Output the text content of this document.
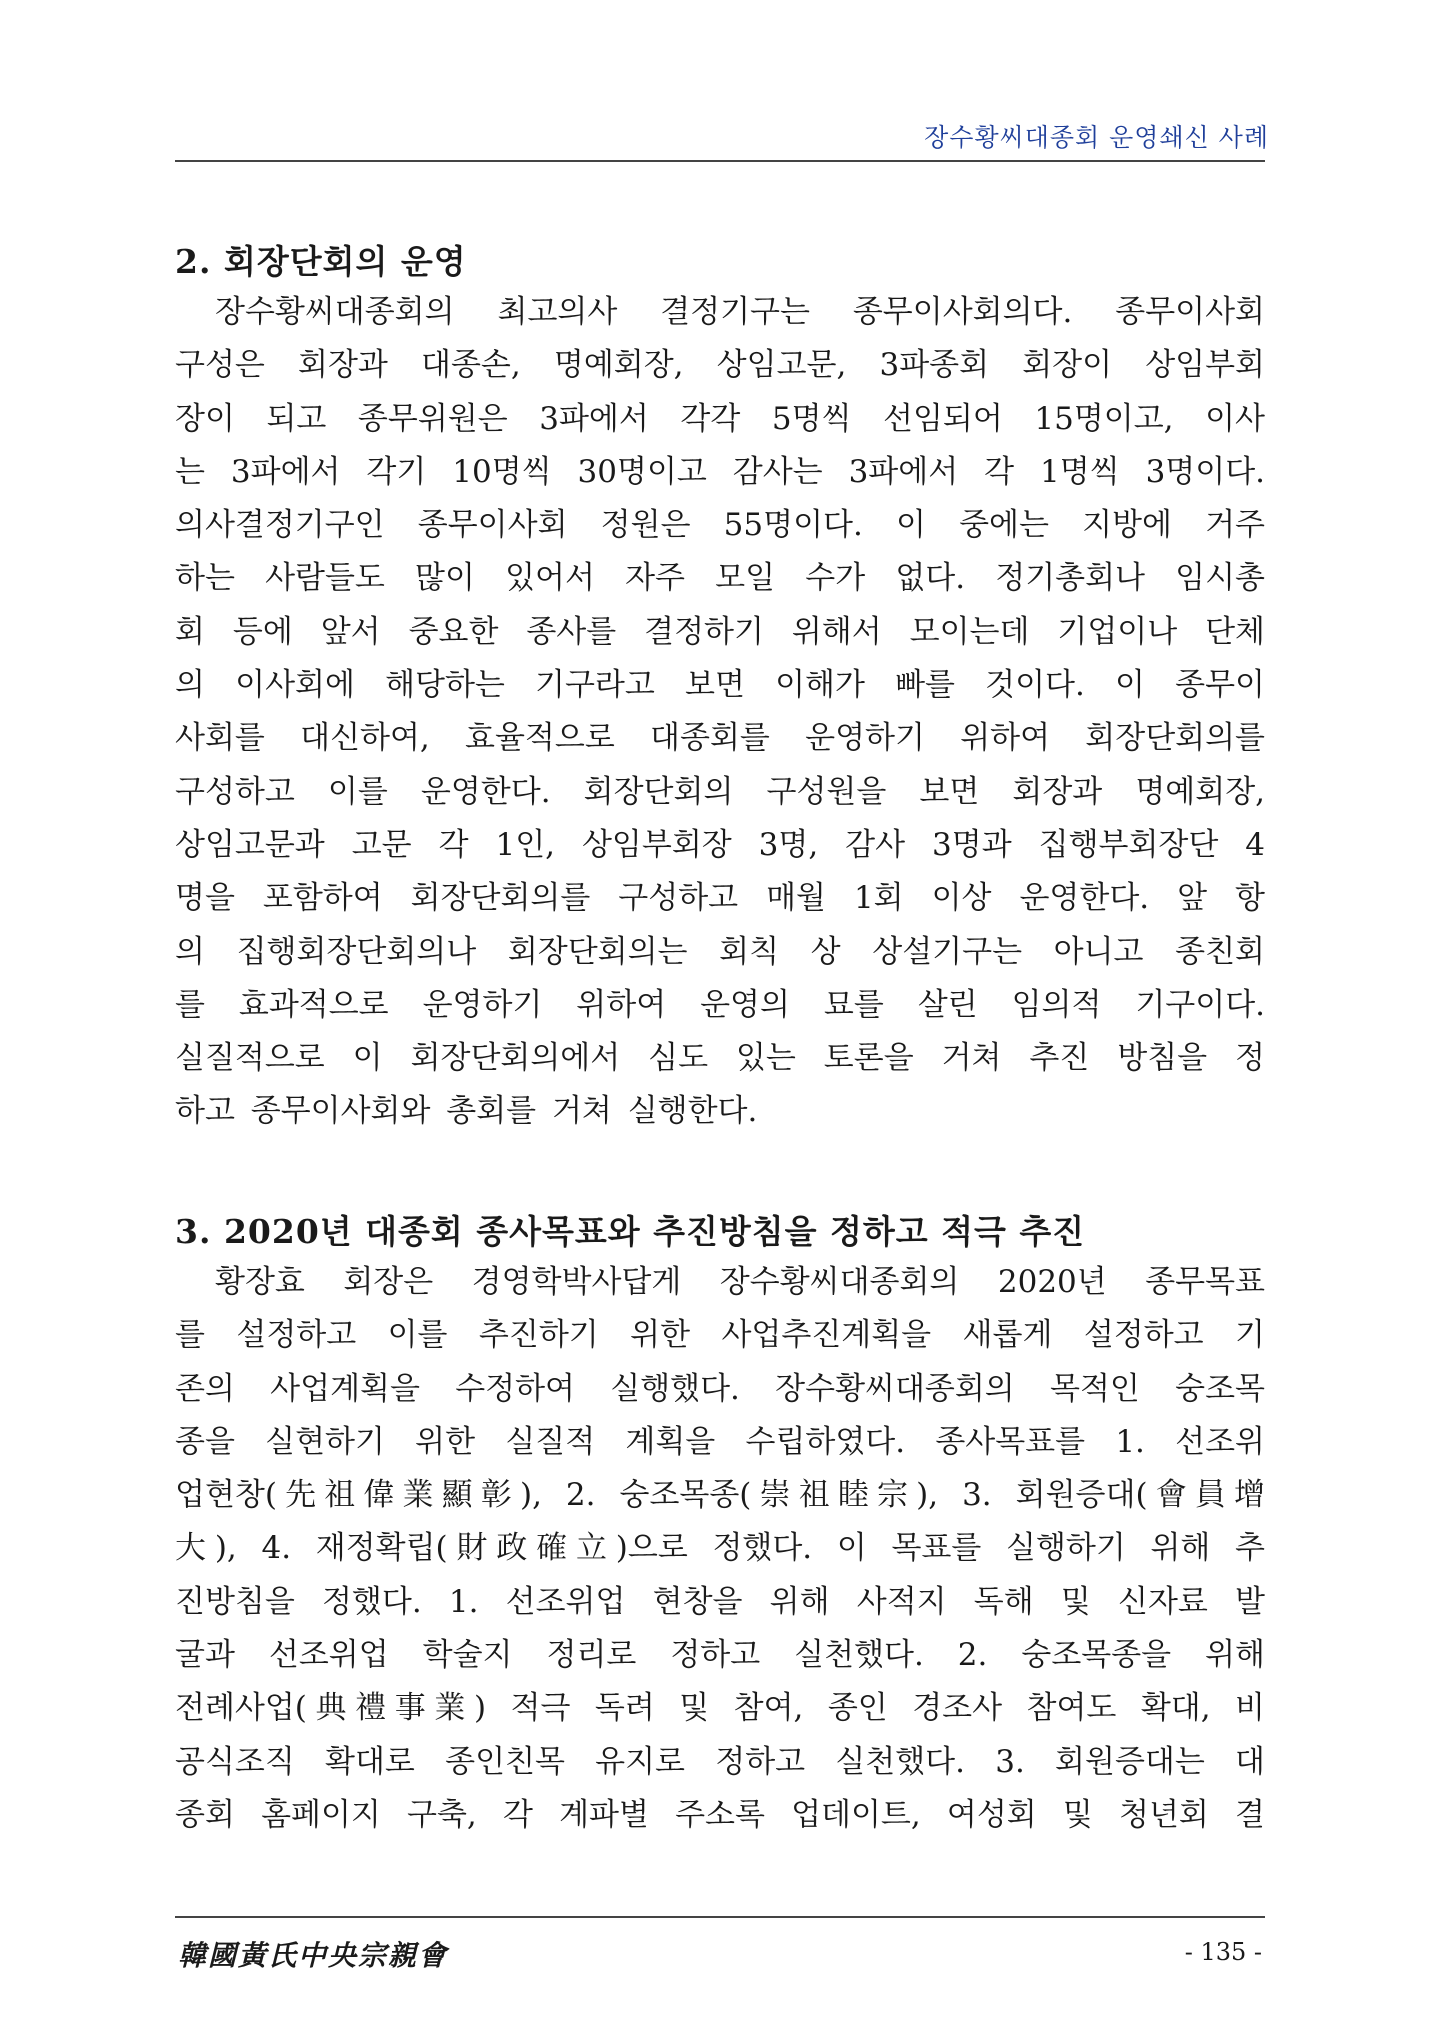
장수황씨대종회 운영쇄신 사례
2. 회장단회의 운영
장수황씨대종회의 최고의사 결정기구는 종무이사회의다. 종무이사회
구성은 회장과 대종손, 명예회장, 상임고문, 3파종회 회장이 상임부회
장이 되고 종무위원은 3파에서 각각 5명씩 선임되어 15명이고, 이사
는 3파에서 각기 10명씩 30명이고 감사는 3파에서 각 1명씩 3명이다.
의사결정기구인 종무이사회 정원은 55명이다. 이 중에는 지방에 거주
하는 사람들도 많이 있어서 자주 모일 수가 없다. 정기총회나 임시총
회 등에 앞서 중요한 종사를 결정하기 위해서 모이는데 기업이나 단체
의 이사회에 해당하는 기구라고 보면 이해가 빠를 것이다. 이 종무이
사회를 대신하여, 효율적으로 대종회를 운영하기 위하여 회장단회의를
구성하고 이를 운영한다. 회장단회의 구성원을 보면 회장과 명예회장,
상임고문과 고문 각 1인, 상임부회장 3명, 감사 3명과 집행부회장단 4
명을 포함하여 회장단회의를 구성하고 매월 1회 이상 운영한다. 앞 항
의 집행회장단회의나 회장단회의는 회칙 상 상설기구는 아니고 종친회
를 효과적으로 운영하기 위하여 운영의 묘를 살린 임의적 기구이다.
실질적으로 이 회장단회의에서 심도 있는 토론을 거쳐 추진 방침을 정
하고 종무이사회와 총회를 거쳐 실행한다.
3. 2020년 대종회 종사목표와 추진방침을 정하고 적극 추진
황장효 회장은 경영학박사답게 장수황씨대종회의 2020년 종무목표
를 설정하고 이를 추진하기 위한 사업추진계획을 새롭게 설정하고 기
존의 사업계획을 수정하여 실행했다. 장수황씨대종회의 목적인 숭조목
종을 실현하기 위한 실질적 계획을 수립하였다. 종사목표를 1. 선조위
업현창(先祖偉業顯彰), 2. 숭조목종(崇祖睦宗), 3. 회원증대(會員增
大), 4. 재정확립(財政確立)으로 정했다. 이 목표를 실행하기 위해 추
진방침을 정했다. 1. 선조위업 현창을 위해 사적지 독해 및 신자료 발
굴과 선조위업 학술지 정리로 정하고 실천했다. 2. 숭조목종을 위해
전례사업(典禮事業) 적극 독려 및 참여, 종인 경조사 참여도 확대, 비
공식조직 확대로 종인친목 유지로 정하고 실천했다. 3. 회원증대는 대
종회 홈페이지 구축, 각 계파별 주소록 업데이트, 여성회 및 청년회 결
韓國黃氏中央宗親會	- 135 -
